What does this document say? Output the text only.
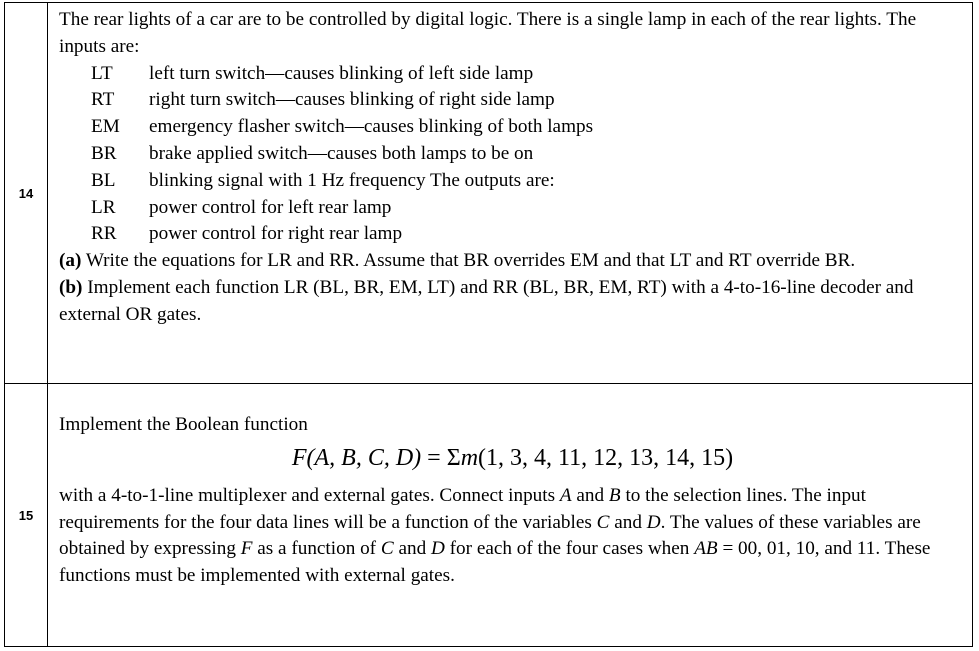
14
The rear lights of a car are to be controlled by digital logic. There is a single lamp in each of the rear lights. The inputs are:
LT	left turn switch—causes blinking of left side lamp
RT	right turn switch—causes blinking of right side lamp
EM	emergency flasher switch—causes blinking of both lamps
BR	brake applied switch—causes both lamps to be on
BL	blinking signal with 1 Hz frequency The outputs are:
LR	power control for left rear lamp
RR	power control for right rear lamp
(a) Write the equations for LR and RR. Assume that BR overrides EM and that LT and RT override BR.
(b) Implement each function LR (BL, BR, EM, LT) and RR (BL, BR, EM, RT) with a 4-to-16-line decoder and external OR gates.
15
Implement the Boolean function
F(A, B, C, D) = Σm(1, 3, 4, 11, 12, 13, 14, 15)
with a 4-to-1-line multiplexer and external gates. Connect inputs A and B to the selection lines. The input requirements for the four data lines will be a function of the variables C and D. The values of these variables are obtained by expressing F as a function of C and D for each of the four cases when AB = 00, 01, 10, and 11. These functions must be implemented with external gates.
